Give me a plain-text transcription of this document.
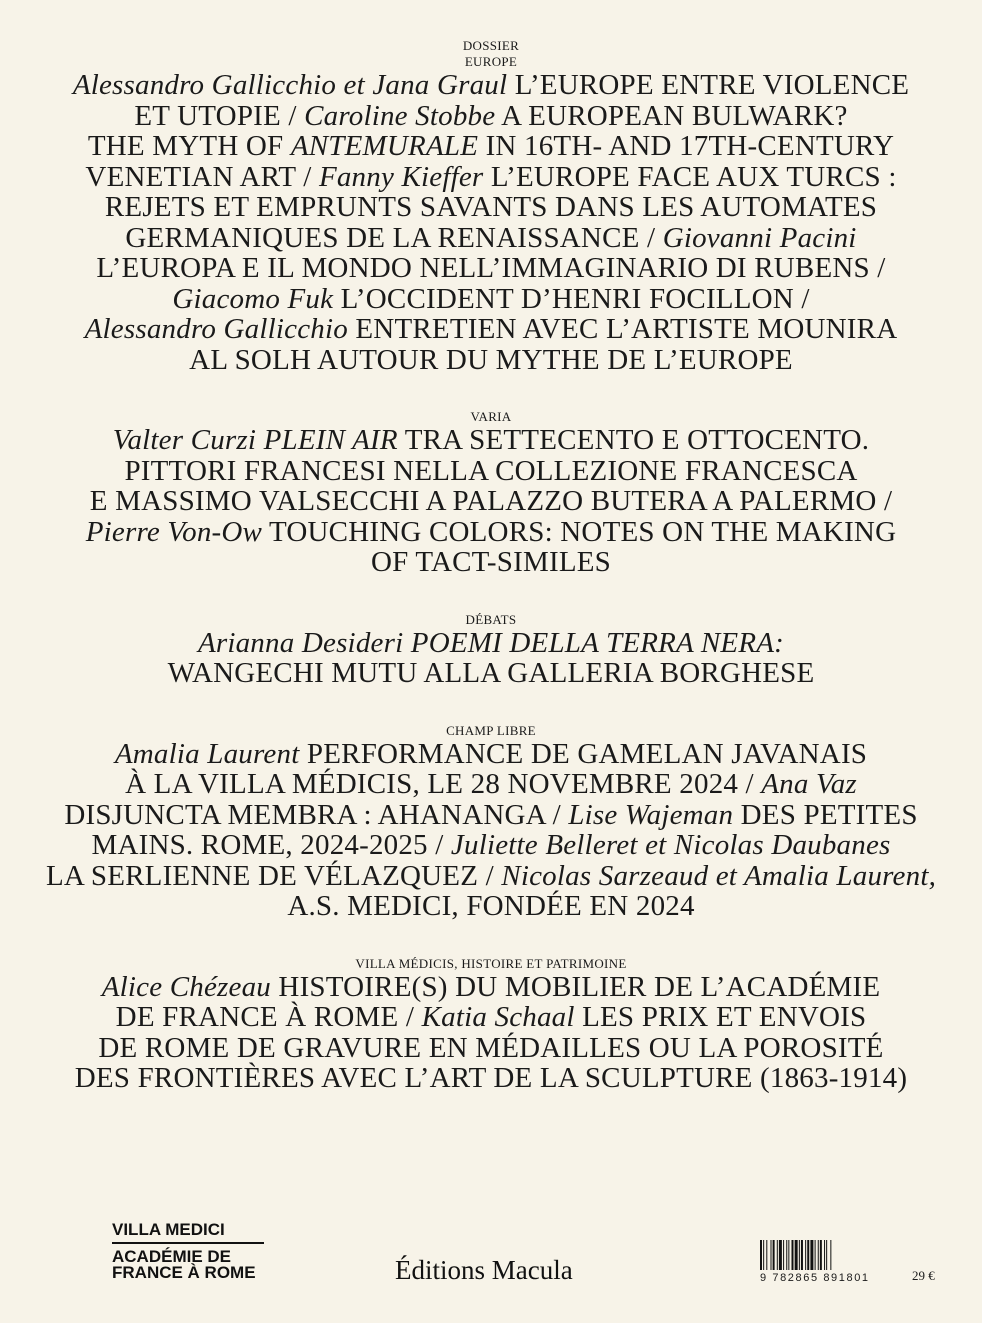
DOSSIER
EUROPE
Alessandro Gallicchio et Jana Graul L’EUROPE ENTRE VIOLENCE
ET UTOPIE / Caroline Stobbe A EUROPEAN BULWARK?
THE MYTH OF ANTEMURALE IN 16TH- AND 17TH-CENTURY
VENETIAN ART / Fanny Kieffer L’EUROPE FACE AUX TURCS :
REJETS ET EMPRUNTS SAVANTS DANS LES AUTOMATES
GERMANIQUES DE LA RENAISSANCE / Giovanni Pacini
L’EUROPA E IL MONDO NELL’IMMAGINARIO DI RUBENS /
Giacomo Fuk L’OCCIDENT D’HENRI FOCILLON /
Alessandro Gallicchio ENTRETIEN AVEC L’ARTISTE MOUNIRA
AL SOLH AUTOUR DU MYTHE DE L’EUROPE
VARIA
Valter Curzi PLEIN AIR TRA SETTECENTO E OTTOCENTO.
PITTORI FRANCESI NELLA COLLEZIONE FRANCESCA
E MASSIMO VALSECCHI A PALAZZO BUTERA A PALERMO /
Pierre Von-Ow TOUCHING COLORS: NOTES ON THE MAKING
OF TACT-SIMILES
DÉBATS
Arianna Desideri POEMI DELLA TERRA NERA:
WANGECHI MUTU ALLA GALLERIA BORGHESE
CHAMP LIBRE
Amalia Laurent PERFORMANCE DE GAMELAN JAVANAIS
À LA VILLA MÉDICIS, LE 28 NOVEMBRE 2024 / Ana Vaz
DISJUNCTA MEMBRA : AHANANGA / Lise Wajeman DES PETITES
MAINS. ROME, 2024-2025 / Juliette Belleret et Nicolas Daubanes
LA SERLIENNE DE VÉLAZQUEZ / Nicolas Sarzeaud et Amalia Laurent,
A.S. MEDICI, FONDÉE EN 2024
VILLA MÉDICIS, HISTOIRE ET PATRIMOINE
Alice Chézeau HISTOIRE(S) DU MOBILIER DE L’ACADÉMIE
DE FRANCE À ROME / Katia Schaal LES PRIX ET ENVOIS
DE ROME DE GRAVURE EN MÉDAILLES OU LA POROSITÉ
DES FRONTIÈRES AVEC L’ART DE LA SCULPTURE (1863-1914)
VILLA MEDICI
ACADÉMIE DE
FRANCE À ROME	Éditions Macula	9 782865 891801	29 €
